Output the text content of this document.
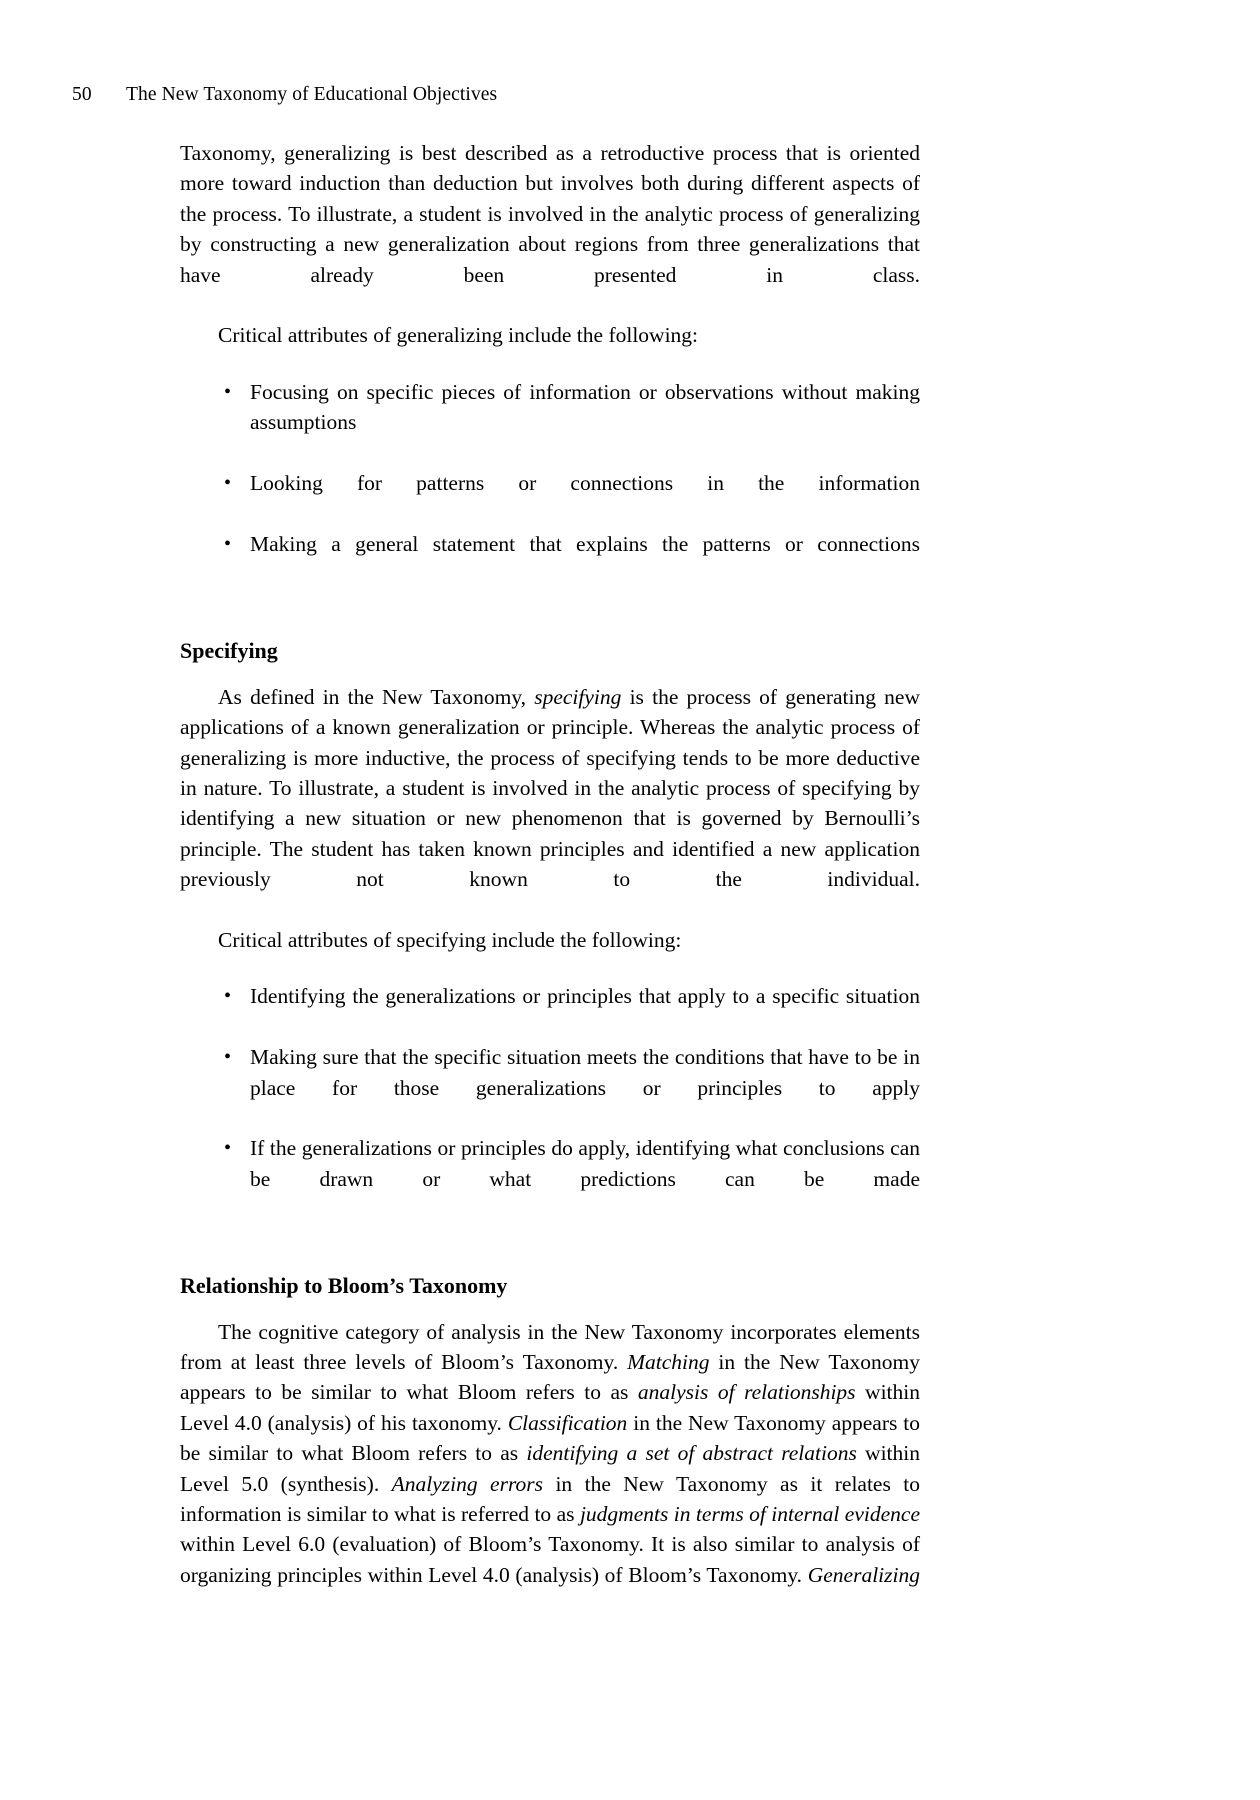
50 The New Taxonomy of Educational Objectives

Taxonomy, generalizing is best described as a retroductive process that is oriented more toward induction than deduction but involves both during different aspects of the process. To illustrate, a student is involved in the analytic process of generalizing by constructing a new generalization about regions from three generalizations that have already been presented in class.

Critical attributes of generalizing include the following:

• Focusing on specific pieces of information or observations without making assumptions
• Looking for patterns or connections in the information
• Making a general statement that explains the patterns or connections
Specifying

As defined in the New Taxonomy, specifying is the process of generating new applications of a known generalization or principle. Whereas the analytic process of generalizing is more inductive, the process of specifying tends to be more deductive in nature. To illustrate, a student is involved in the analytic process of specifying by identifying a new situation or new phenomenon that is governed by Bernoulli’s principle. The student has taken known principles and identified a new application previously not known to the individual.

Critical attributes of specifying include the following:

• Identifying the generalizations or principles that apply to a specific situation
• Making sure that the specific situation meets the conditions that have to be in place for those generalizations or principles to apply
• If the generalizations or principles do apply, identifying what conclusions can be drawn or what predictions can be made
Relationship to Bloom’s Taxonomy

The cognitive category of analysis in the New Taxonomy incorporates elements from at least three levels of Bloom’s Taxonomy. Matching in the New Taxonomy appears to be similar to what Bloom refers to as analysis of relationships within Level 4.0 (analysis) of his taxonomy. Classification in the New Taxonomy appears to be similar to what Bloom refers to as identifying a set of abstract relations within Level 5.0 (synthesis). Analyzing errors in the New Taxonomy as it relates to information is similar to what is referred to as judgments in terms of internal evidence within Level 6.0 (evaluation) of Bloom’s Taxonomy. It is also similar to analysis of organizing principles within Level 4.0 (analysis) of Bloom’s Taxonomy. Generalizing
